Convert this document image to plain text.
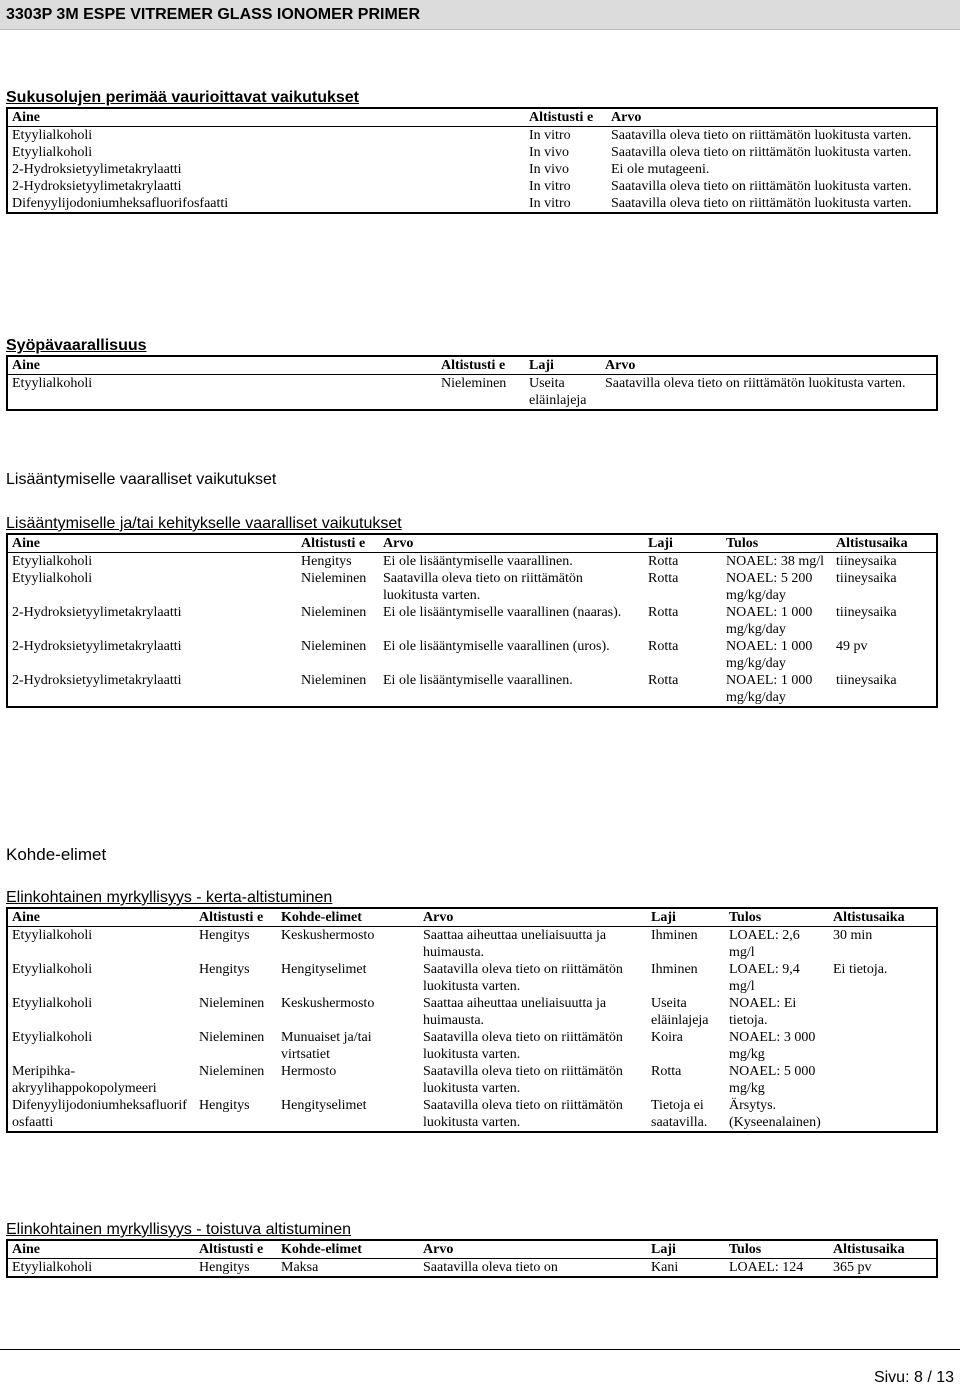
3303P 3M ESPE VITREMER GLASS IONOMER PRIMER
Sukusolujen perimää vaurioittavat vaikutukset
Aine	Altistusti e	Arvo
Etyylialkoholi	In vitro	Saatavilla oleva tieto on riittämätön luokitusta varten.
Etyylialkoholi	In vivo	Saatavilla oleva tieto on riittämätön luokitusta varten.
2-Hydroksietyylimetakrylaatti	In vivo	Ei ole mutageeni.
2-Hydroksietyylimetakrylaatti	In vitro	Saatavilla oleva tieto on riittämätön luokitusta varten.
Difenyylijodoniumheksafluorifosfaatti	In vitro	Saatavilla oleva tieto on riittämätön luokitusta varten.
Syöpävaarallisuus
Aine	Altistusti e	Laji	Arvo
Etyylialkoholi	Nieleminen	Useita eläinlajeja	Saatavilla oleva tieto on riittämätön luokitusta varten.
Lisääntymiselle vaaralliset vaikutukset
Lisääntymiselle ja/tai kehitykselle vaaralliset vaikutukset
Aine	Altistusti e	Arvo	Laji	Tulos	Altistusaika
Etyylialkoholi	Hengitys	Ei ole lisääntymiselle vaarallinen.	Rotta	NOAEL: 38 mg/l	tiineysaika
Etyylialkoholi	Nieleminen	Saatavilla oleva tieto on riittämätön luokitusta varten.	Rotta	NOAEL: 5 200 mg/kg/day	tiineysaika
2-Hydroksietyylimetakrylaatti	Nieleminen	Ei ole lisääntymiselle vaarallinen (naaras).	Rotta	NOAEL: 1 000 mg/kg/day	tiineysaika
2-Hydroksietyylimetakrylaatti	Nieleminen	Ei ole lisääntymiselle vaarallinen (uros).	Rotta	NOAEL: 1 000 mg/kg/day	49 pv
2-Hydroksietyylimetakrylaatti	Nieleminen	Ei ole lisääntymiselle vaarallinen.	Rotta	NOAEL: 1 000 mg/kg/day	tiineysaika
Kohde-elimet
Elinkohtainen myrkyllisyys - kerta-altistuminen
Aine	Altistusti e	Kohde-elimet	Arvo	Laji	Tulos	Altistusaika
Etyylialkoholi	Hengitys	Keskushermosto	Saattaa aiheuttaa uneliaisuutta ja huimausta.	Ihminen	LOAEL: 2,6 mg/l	30 min
Etyylialkoholi	Hengitys	Hengityselimet	Saatavilla oleva tieto on riittämätön luokitusta varten.	Ihminen	LOAEL: 9,4 mg/l	Ei tietoja.
Etyylialkoholi	Nieleminen	Keskushermosto	Saattaa aiheuttaa uneliaisuutta ja huimausta.	Useita eläinlajeja	NOAEL: Ei tietoja.	
Etyylialkoholi	Nieleminen	Munuaiset ja/tai virtsatiet	Saatavilla oleva tieto on riittämätön luokitusta varten.	Koira	NOAEL: 3 000 mg/kg	
Meripihka-akryylihappokopolymeeri	Nieleminen	Hermosto	Saatavilla oleva tieto on riittämätön luokitusta varten.	Rotta	NOAEL: 5 000 mg/kg	
Difenyylijodoniumheksafluorifosfaatti	Hengitys	Hengityselimet	Saatavilla oleva tieto on riittämätön luokitusta varten.	Tietoja ei saatavilla.	Ärsytys. (Kyseenalainen)	
Elinkohtainen myrkyllisyys - toistuva altistuminen
Aine	Altistusti e	Kohde-elimet	Arvo	Laji	Tulos	Altistusaika
Etyylialkoholi	Hengitys	Maksa	Saatavilla oleva tieto on	Kani	LOAEL: 124	365 pv
Sivu: 8 / 13
